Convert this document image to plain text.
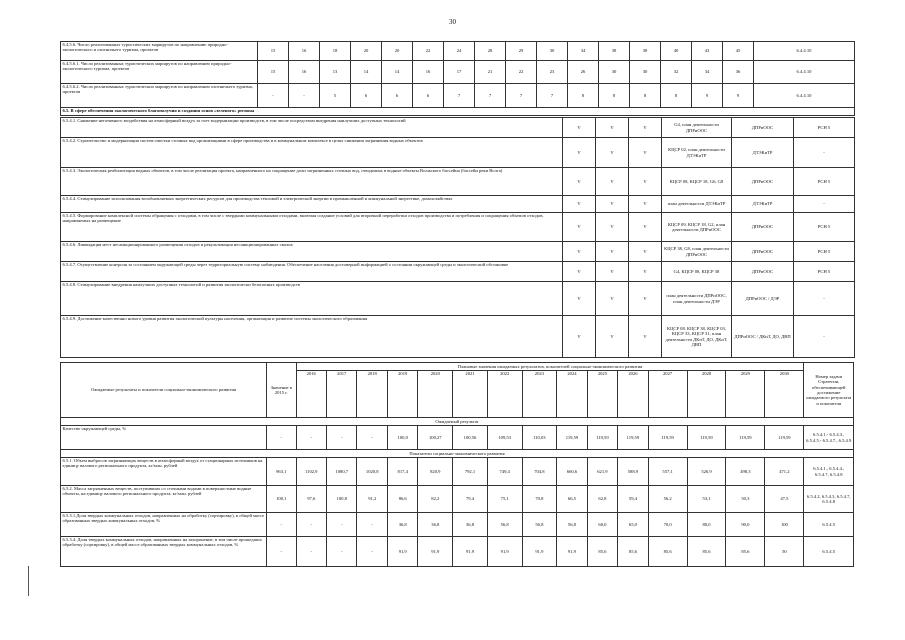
30
6.4.5.6. Число реализованных туристических маршрутов по направлению природно-экологического и охотничьего туризма, проектов	15	16	18	20	20	22	24	28	29	30	34	38	38	40	43	45	6.4.4.10
6.4.5.6.1. Число реализованных туристических маршрутов по направлению природно-экологического туризма, проектов	15	16	13	14	14	16	17	21	22	23	26	30	30	32	34	36	6.4.4.10
6.4.5.6.2. Число реализованных туристических маршрутов по направлению охотничьего туризма, проектов	-	-	5	6	6	6	7	7	7	7	8	8	8	8	9	9	6.4.4.10
6.5. В сфере обеспечения экологического благополучия и создания основ «зеленого» региона																	
6.5.4.1. Снижение негативного воздействия на атмосферный воздух за счет модернизации производств, в том числе посредством внедрения наилучших доступных технологий	V	V	V	G4, план деятельности ДПРиООС	ДПРиООС	РСН 5
6.5.4.2. Строительство и модернизация систем очистки сточных вод организациями в сфере производства и в коммунальном комплексе в целях снижения загрязнения водных объектов	V	V	V	КЦСР 02, план деятельности ДТЭКиТР	ДТЭКиТР	-
6.5.4.3. Экологическая реабилитация водных объектов, в том числе реализация проекта, направленного на сокращение доли загрязненных сточных вод, отводимых в водные объекты Волжского бассейна (бассейн реки Волга)	V	V	V	КЦСР 08, КЦСР 18, G6, G8	ДПРиООС	РСН 5
6.5.4.4. Стимулирование использования возобновляемых энергетических ресурсов для производства тепловой и электрической энергии в промышленной и коммунальной энергетике, домохозяйствах	V	V	V	план деятельности ДТЭКиТР	ДТЭКиТР	-
6.5.4.5. Формирование комплексной системы обращения с отходами, в том числе с твердыми коммунальными отходами, включая создание условий для вторичной переработки отходов производства и потребления и сокращения объемов отходов, направляемых на размещение	V	V	V	КЦСР 09, КЦСР 18, G2, план деятельности ДПРиООС	ДПРиООС	РСН 5
6.5.4.6. Ликвидация мест несанкционированного размещения отходов и рекультивация несанкционированных свалок	V	V	V	КЦСР 38, G8, план деятельности ДПРиООС	ДПРиООС	РСН 5
6.5.4.7. Осуществление контроля за состоянием окружающей среды через территориальную систему наблюдения. Обеспечение населения достоверной информацией о состоянии окружающей среды и экологической обстановке	V	V	V	G4, КЦСР 08, КЦСР 38	ДПРиООС	РСН 5
6.5.4.8. Стимулирование внедрения наилучших доступных технологий и развития экологически безопасных производств	V	V	V	план деятельности ДПРиООС, план деятельности ДЭР	ДПРиООС / ДЭР	-
6.5.4.9. Достижение качественно нового уровня развития экологической культуры населения, организация и развитие системы экологического образования	V	V	V	КЦСР 08, КЦСР 38, КЦСР 03, КЦСР 33, КЦСР 31, план деятельности ДКиТ, ДО, ДКиТ, ДВП	ДПРиООС / ДКиТ, ДО, ДВП	-
Ожидаемые результаты и показатели социально-экономического развития	Значение в 2015 г.	Плановые значения ожидаемых результатов, показателей социально-экономического развития															Номер задачи Стратегии, обеспечивающей достижение ожидаемого результата и показателя
		2016	2017	2018	2019	2020	2021	2022	2023	2024	2025	2026	2027	2028	2029	2030	
Ожидаемый результат																	
Качество окружающей среды, %	-	-	-	-	100,0	100,27	100,56	109,53	110,03	119,59	119,59	119,59	119,59	119,59	119,59	119,59	6.5.4.1.- 6.5.4.3., 6.5.4.5.- 6.5.4.7., 6.5.4.9
Показатели социально-экономического развития																	
6.5.1. Объем выбросов загрязняющих веществ в атмосферный воздух от стационарных источников на единицу валового регионального продукта, кг/млн. рублей	963,1	1102,9	1080,7	1020,8	817,4	820,9	792,1	749,4	704,8	660,6	621,9	588,9	557,1	526,9	498,3	471,2	6.5.4.1., 6.5.4.4., 6.5.4.7, 6.5.4.8
6.5.2. Масса загрязненных веществ, поступивших со сточными водами в поверхностные водные объекты, на единицу валового регионального продукта, кг/млн. рублей	100,1	97,6	100,8	91,2	86,6	82,2	79,4	75,1	70,8	66,5	62,8	59,4	56,2	53,1	50,3	47,5	6.5.4.2, 6.5.4.3, 6.5.4.7, 6.5.4.8
6.5.3.1.Доля твердых коммунальных отходов, направленных на обработку (сортировку), в общей массе образованных твердых коммунальных отходов, %	-	-	-	-	36,8	36,8	36,8	56,8	56,8	56,8	60,0	65,0	70,0	80,0	90,0	100	6.5.4.5
6.5.3.4. Доля твердых коммунальных отходов, направленных на захоронение, в том числе прошедших обработку (сортировку), в общей массе образованных твердых коммунальных отходов, %	-	-	-	-	91,9	91,9	91,9	91,9	91,9	91,9	85,6	85,6	85,6	85,6	85,6	50	6.5.4.5
